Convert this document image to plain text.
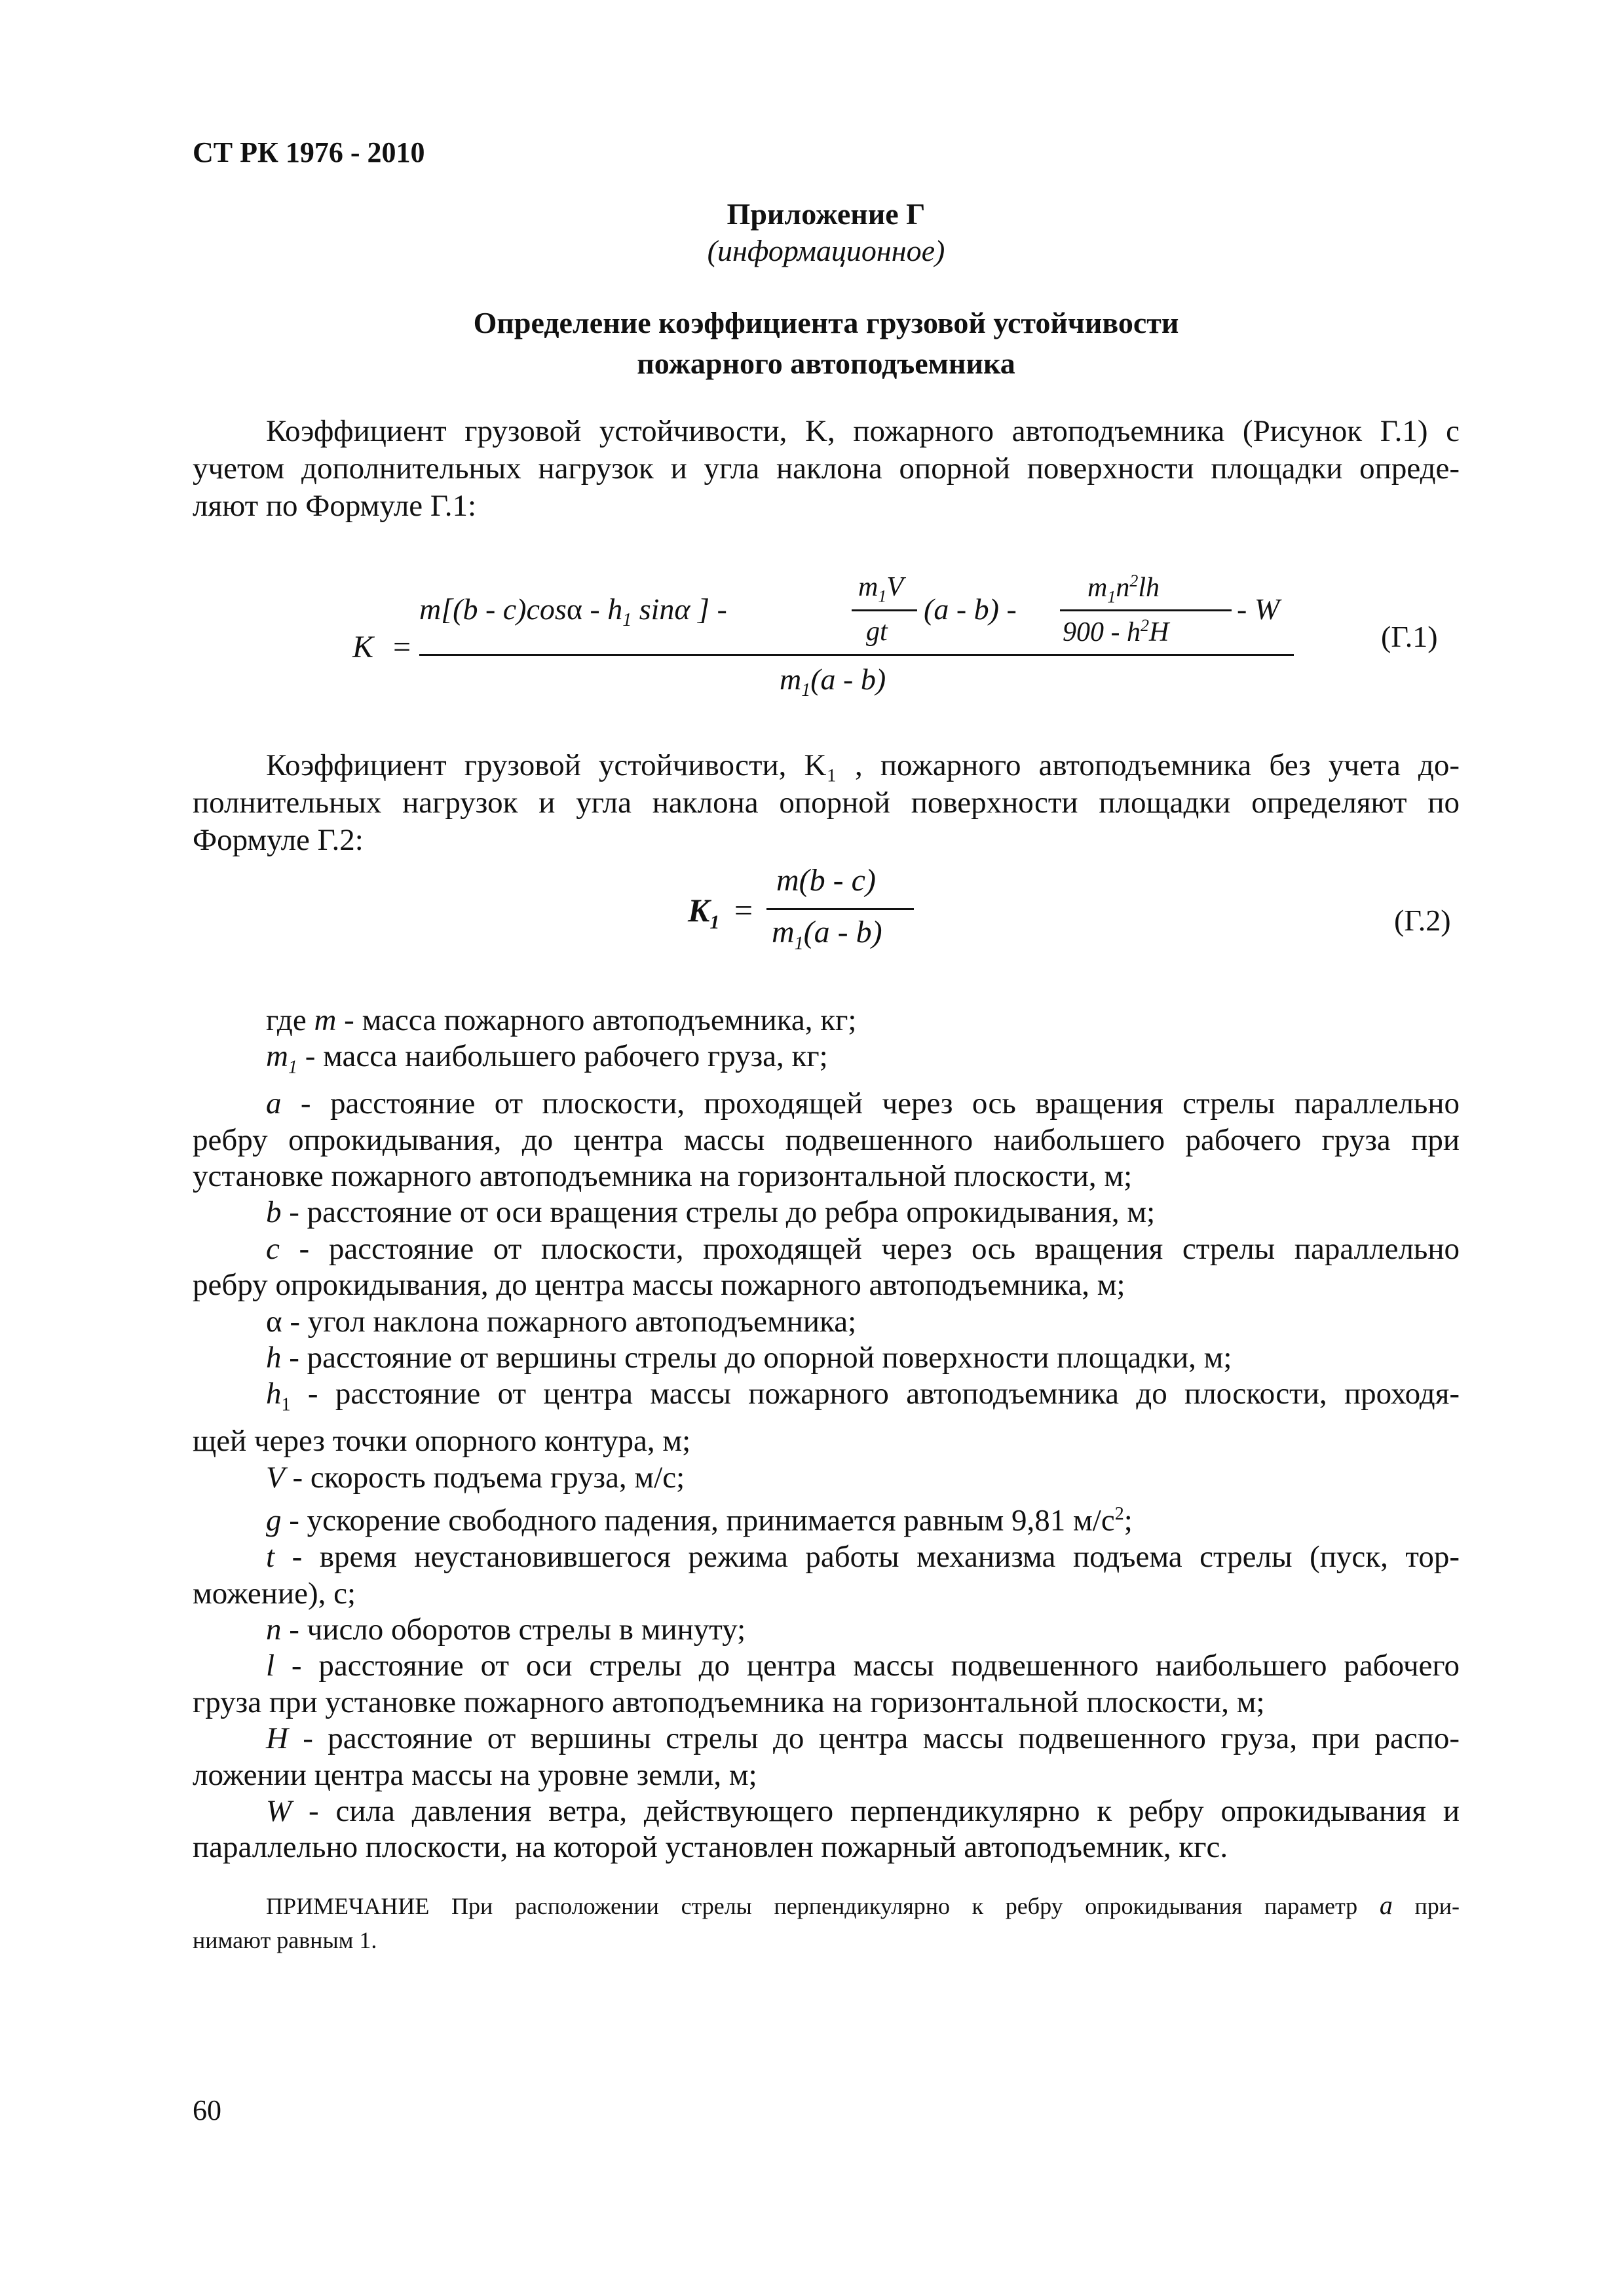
СТ РК 1976 - 2010
Приложение Г
(информационное)
Определение коэффициента грузовой устойчивости
пожарного автоподъемника
Коэффициент грузовой устойчивости, K, пожарного автоподъемника (Рисунок Г.1) с
учетом дополнительных нагрузок и угла наклона опорной поверхности площадки опреде-
ляют по Формуле Г.1:
K =
$m[(b - c)\cos\alpha - h_1$ sinα ] -
$m_1V$
gt
(a - b) -
$m_1n^2lh$
$900 - h^2H$
- W
$m_1(a - b)$
(Г.1)
Коэффициент грузовой устойчивости, K₁ , пожарного автоподъемника без учета до-
полнительных нагрузок и угла наклона опорной поверхности площадки определяют по
Формуле Г.2:
$K_1$ =
m(b - c)
$m_1(a - b)$	(Г.2)
где m - масса пожарного автоподъемника, кг;
$m_1$ - масса наибольшего рабочего груза, кг;
a - расстояние от плоскости, проходящей через ось вращения стрелы параллельно
ребру опрокидывания, до центра массы подвешенного наибольшего рабочего груза при
установке пожарного автоподъемника на горизонтальной плоскости, м;
b - расстояние от оси вращения стрелы до ребра опрокидывания, м;
c - расстояние от плоскости, проходящей через ось вращения стрелы параллельно
ребру опрокидывания, до центра массы пожарного автоподъемника, м;
α - угол наклона пожарного автоподъемника;
h - расстояние от вершины стрелы до опорной поверхности площадки, м;
$h_1$ - расстояние от центра массы пожарного автоподъемника до плоскости, проходя-
щей через точки опорного контура, м;
V - скорость подъема груза, м/с;
g - ускорение свободного падения, принимается равным 9,81 $м/с^2$;
t - время неустановившегося режима работы механизма подъема стрелы (пуск, тор-
можение), с;
n - число оборотов стрелы в минуту;
l - расстояние от оси стрелы до центра массы подвешенного наибольшего рабочего
груза при установке пожарного автоподъемника на горизонтальной плоскости, м;
H - расстояние от вершины стрелы до центра массы подвешенного груза, при распо-
ложении центра массы на уровне земли, м;
W - сила давления ветра, действующего перпендикулярно к ребру опрокидывания и
параллельно плоскости, на которой установлен пожарный автоподъемник, кгс.
ПРИМЕЧАНИЕ При расположении стрелы перпендикулярно к ребру опрокидывания параметр a при-
нимают равным 1.
60
